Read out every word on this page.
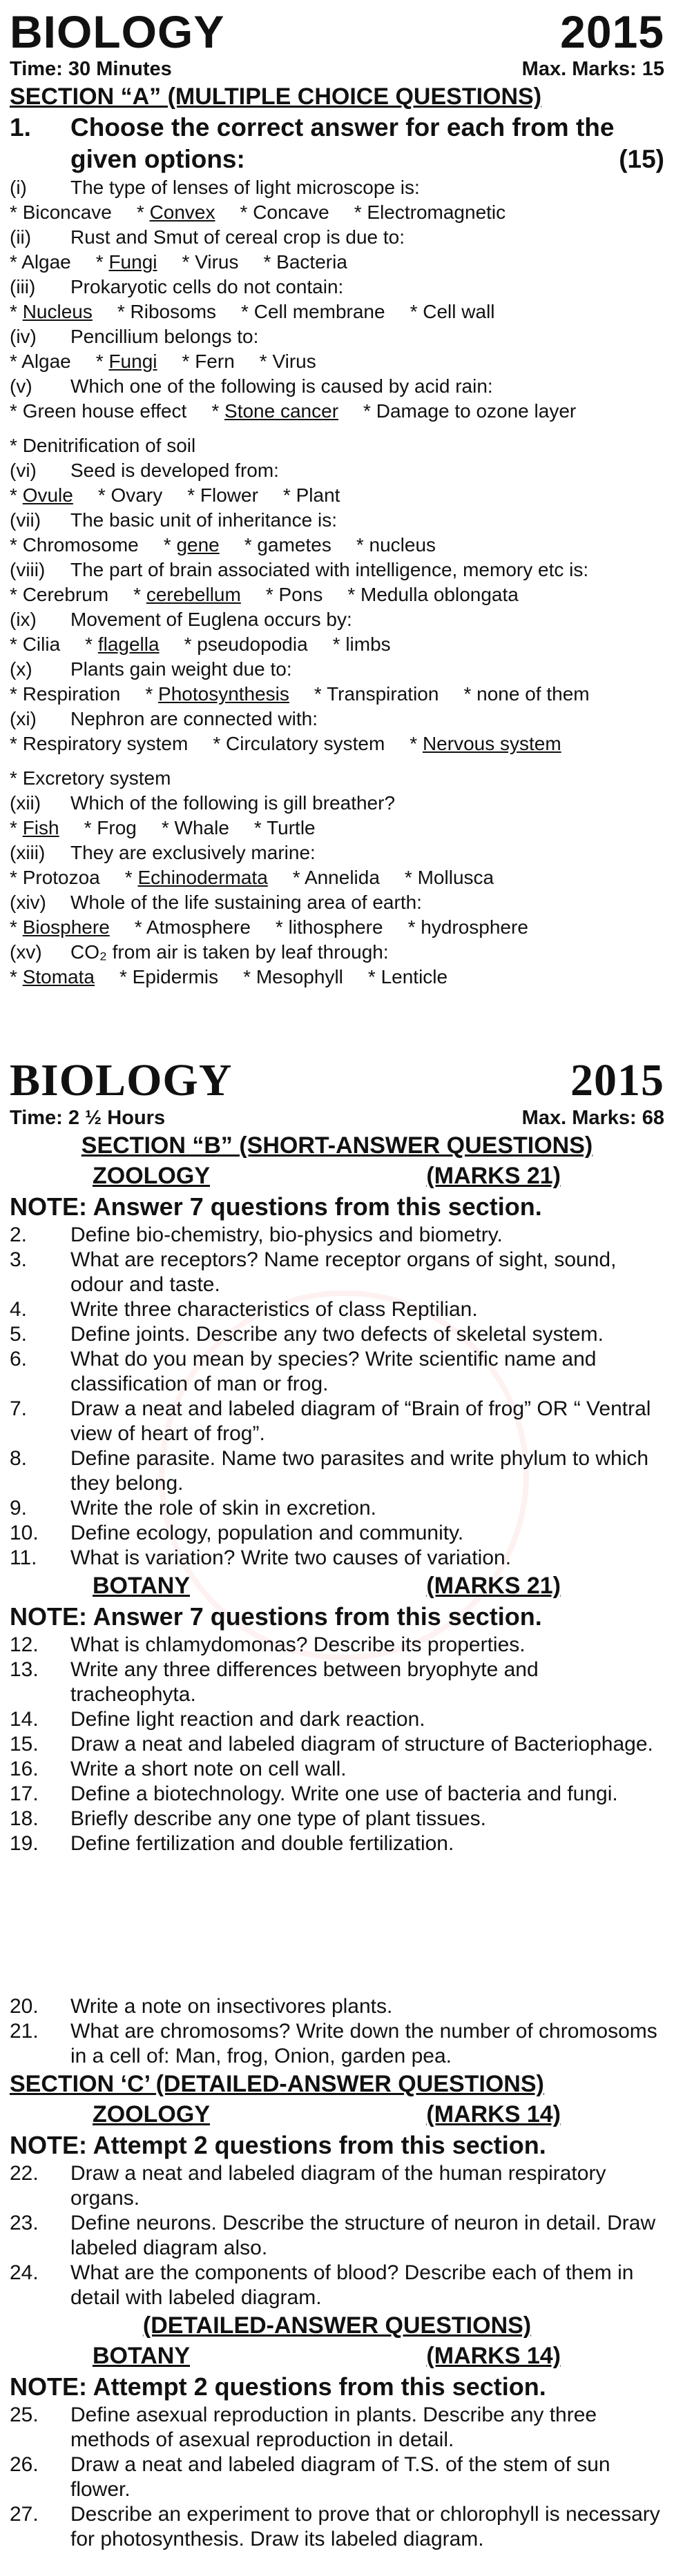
BIOLOGY	2015
Time: 30 Minutes	Max. Marks: 15
SECTION “A” (MULTIPLE CHOICE QUESTIONS)
1.	Choose the correct answer for each from the given options:	(15)
(i)	The type of lenses of light microscope is:
* Biconcave * Convex * Concave * Electromagnetic
(ii)	Rust and Smut of cereal crop is due to:
* Algae * Fungi * Virus * Bacteria
(iii)	Prokaryotic cells do not contain:
* Nucleus * Ribosoms * Cell membrane * Cell wall
(iv)	Pencillium belongs to:
* Algae * Fungi * Fern * Virus
(v)	Which one of the following is caused by acid rain:
* Green house effect * Stone cancer * Damage to ozone layer
* Denitrification of soil
(vi)	Seed is developed from:
* Ovule * Ovary * Flower * Plant
(vii)	The basic unit of inheritance is:
* Chromosome * gene * gametes * nucleus
(viii)	The part of brain associated with intelligence, memory etc is:
* Cerebrum * cerebellum * Pons * Medulla oblongata
(ix)	Movement of Euglena occurs by:
* Cilia * flagella * pseudopodia * limbs
(x)	Plants gain weight due to:
* Respiration * Photosynthesis * Transpiration * none of them
(xi)	Nephron are connected with:
* Respiratory system * Circulatory system * Nervous system
* Excretory system
(xii)	Which of the following is gill breather?
* Fish * Frog * Whale * Turtle
(xiii)	They are exclusively marine:
* Protozoa * Echinodermata * Annelida * Mollusca
(xiv)	Whole of the life sustaining area of earth:
* Biosphere * Atmosphere * lithosphere * hydrosphere
(xv)	CO₂ from air is taken by leaf through:
* Stomata * Epidermis * Mesophyll * Lenticle
BIOLOGY	2015
Time: 2 ½ Hours	Max. Marks: 68
SECTION “B” (SHORT-ANSWER QUESTIONS)
ZOOLOGY	(MARKS 21)
NOTE: Answer 7 questions from this section.
2.	Define bio-chemistry, bio-physics and biometry.
3.	What are receptors? Name receptor organs of sight, sound, odour and taste.
4.	Write three characteristics of class Reptilian.
5.	Define joints. Describe any two defects of skeletal system.
6.	What do you mean by species? Write scientific name and classification of man or frog.
7.	Draw a neat and labeled diagram of “Brain of frog” OR “ Ventral view of heart of frog”.
8.	Define parasite. Name two parasites and write phylum to which they belong.
9.	Write the role of skin in excretion.
10.	Define ecology, population and community.
11.	What is variation? Write two causes of variation.
BOTANY	(MARKS 21)
NOTE: Answer 7 questions from this section.
12.	What is chlamydomonas? Describe its properties.
13.	Write any three differences between bryophyte and tracheophyta.
14.	Define light reaction and dark reaction.
15.	Draw a neat and labeled diagram of structure of Bacteriophage.
16.	Write a short note on cell wall.
17.	Define a biotechnology. Write one use of bacteria and fungi.
18.	Briefly describe any one type of plant tissues.
19.	Define fertilization and double fertilization.
20.	Write a note on insectivores plants.
21.	What are chromosoms? Write down the number of chromosoms in a cell of: Man, frog, Onion, garden pea.
SECTION ‘C’ (DETAILED-ANSWER QUESTIONS)
ZOOLOGY	(MARKS 14)
NOTE: Attempt 2 questions from this section.
22.	Draw a neat and labeled diagram of the human respiratory organs.
23.	Define neurons. Describe the structure of neuron in detail. Draw labeled diagram also.
24.	What are the components of blood? Describe each of them in detail with labeled diagram.
(DETAILED-ANSWER QUESTIONS)
BOTANY	(MARKS 14)
NOTE: Attempt 2 questions from this section.
25.	Define asexual reproduction in plants. Describe any three methods of asexual reproduction in detail.
26.	Draw a neat and labeled diagram of T.S. of the stem of sun flower.
27.	Describe an experiment to prove that or chlorophyll is necessary for photosynthesis. Draw its labeled diagram.
